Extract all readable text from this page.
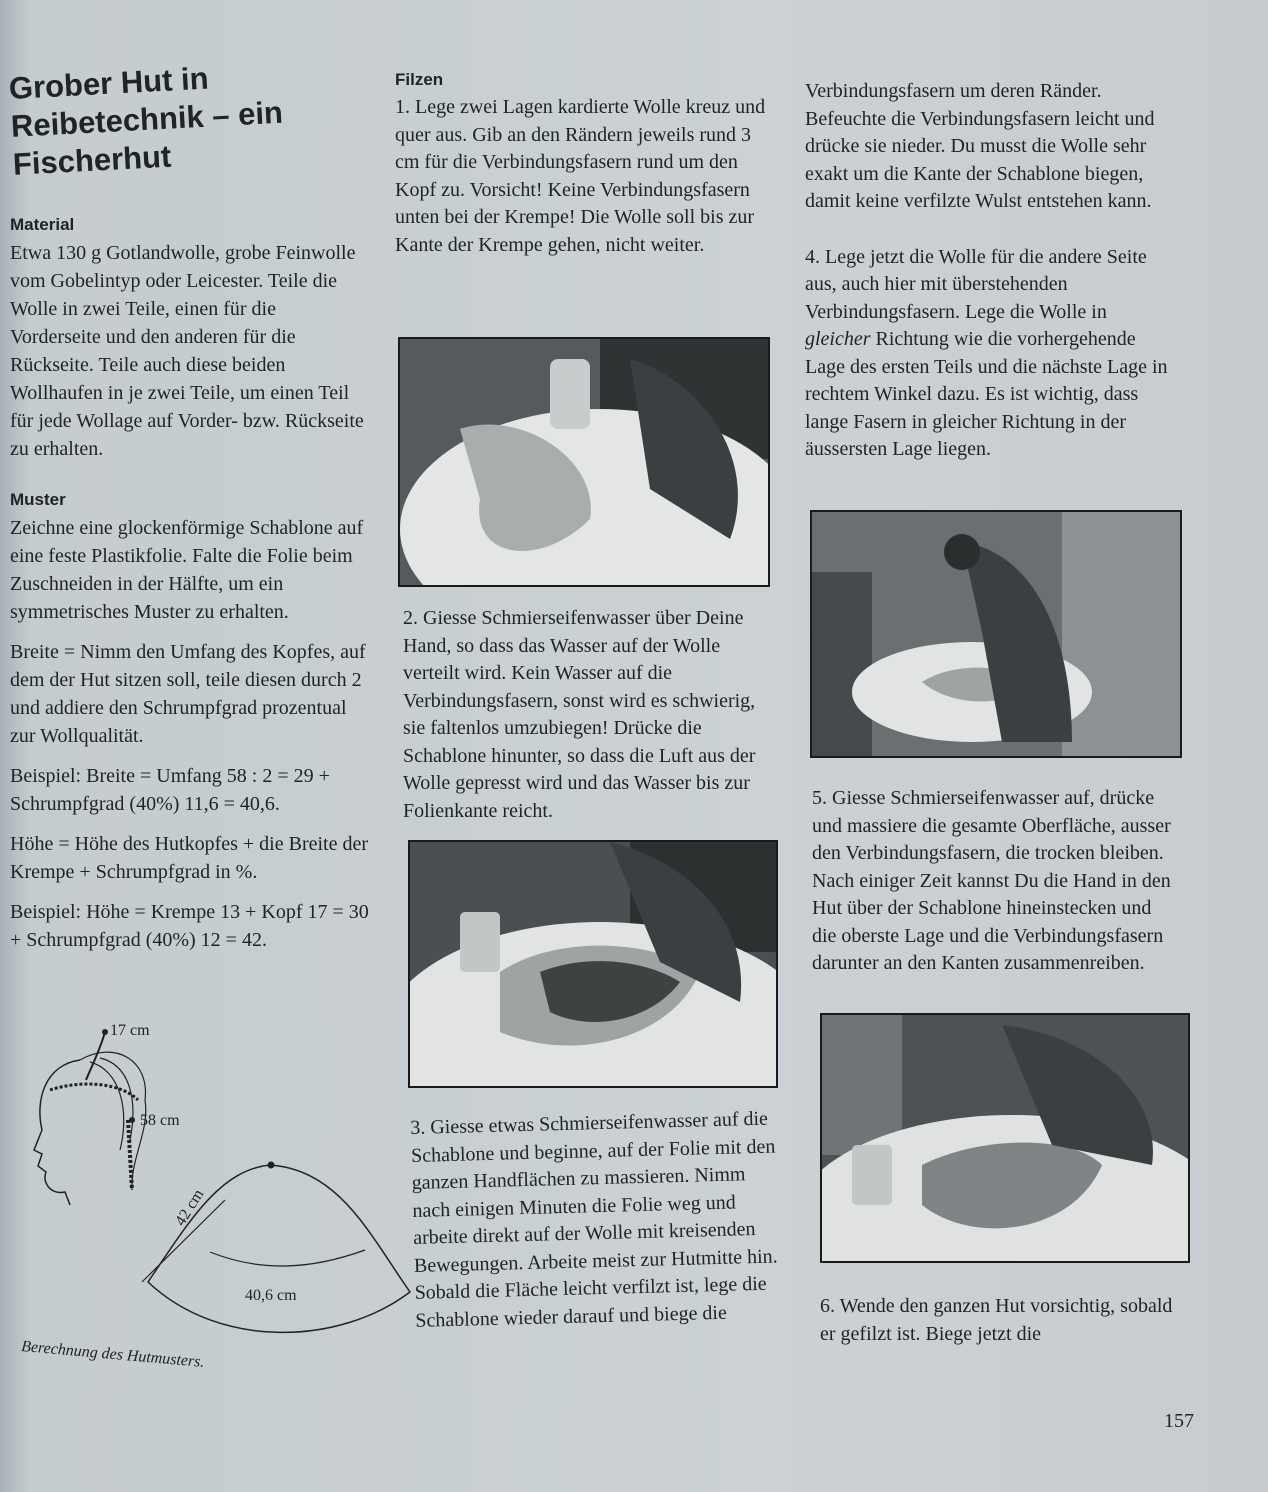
Grober Hut in
Reibetechnik – ein
Fischerhut
Material

Etwa 130 g Gotlandwolle, grobe Feinwolle vom Gobelintyp oder Leicester. Teile die Wolle in zwei Teile, einen für die Vorderseite und den anderen für die Rückseite. Teile auch diese beiden Wollhaufen in je zwei Teile, um einen Teil für jede Wollage auf Vorder- bzw. Rückseite zu erhalten.

Muster

Zeichne eine glockenförmige Schablone auf eine feste Plastikfolie. Falte die Folie beim Zuschneiden in der Hälfte, um ein symmetrisches Muster zu erhalten.

Breite = Nimm den Umfang des Kopfes, auf dem der Hut sitzen soll, teile diesen durch 2 und addiere den Schrumpfgrad prozentual zur Wollqualität.

Beispiel: Breite = Umfang 58 : 2 = 29 + Schrumpfgrad (40%) 11,6 = 40,6.

Höhe = Höhe des Hutkopfes + die Breite der Krempe + Schrumpfgrad in %.

Beispiel: Höhe = Krempe 13 + Kopf 17 = 30 + Schrumpfgrad (40%) 12 = 42.

17 cm
58 cm
42 cm
40,6 cm
Berechnung des Hutmusters.
Filzen

1. Lege zwei Lagen kardierte Wolle kreuz und quer aus. Gib an den Rändern jeweils rund 3 cm für die Verbindungsfasern rund um den Kopf zu. Vorsicht! Keine Verbindungsfasern unten bei der Krempe! Die Wolle soll bis zur Kante der Krempe gehen, nicht weiter.

2. Giesse Schmierseifenwasser über Deine Hand, so dass das Wasser auf der Wolle verteilt wird. Kein Wasser auf die Verbindungsfasern, sonst wird es schwierig, sie faltenlos umzubiegen! Drücke die Schablone hinunter, so dass die Luft aus der Wolle gepresst wird und das Wasser bis zur Folienkante reicht.

3. Giesse etwas Schmierseifenwasser auf die Schablone und beginne, auf der Folie mit den ganzen Handflächen zu massieren. Nimm nach einigen Minuten die Folie weg und arbeite direkt auf der Wolle mit kreisenden Bewegungen. Arbeite meist zur Hutmitte hin. Sobald die Fläche leicht verfilzt ist, lege die Schablone wieder darauf und biege die

Verbindungsfasern um deren Ränder. Befeuchte die Verbindungsfasern leicht und drücke sie nieder. Du musst die Wolle sehr exakt um die Kante der Schablone biegen, damit keine verfilzte Wulst entstehen kann.

4. Lege jetzt die Wolle für die andere Seite aus, auch hier mit überstehenden Verbindungsfasern. Lege die Wolle in gleicher Richtung wie die vorhergehende Lage des ersten Teils und die nächste Lage in rechtem Winkel dazu. Es ist wichtig, dass lange Fasern in gleicher Richtung in der äussersten Lage liegen.

5. Giesse Schmierseifenwasser auf, drücke und massiere die gesamte Oberfläche, ausser den Verbindungsfasern, die trocken bleiben. Nach einiger Zeit kannst Du die Hand in den Hut über der Schablone hineinstecken und die oberste Lage und die Verbindungsfasern darunter an den Kanten zusammenreiben.

6. Wende den ganzen Hut vorsichtig, sobald er gefilzt ist. Biege jetzt die

157
